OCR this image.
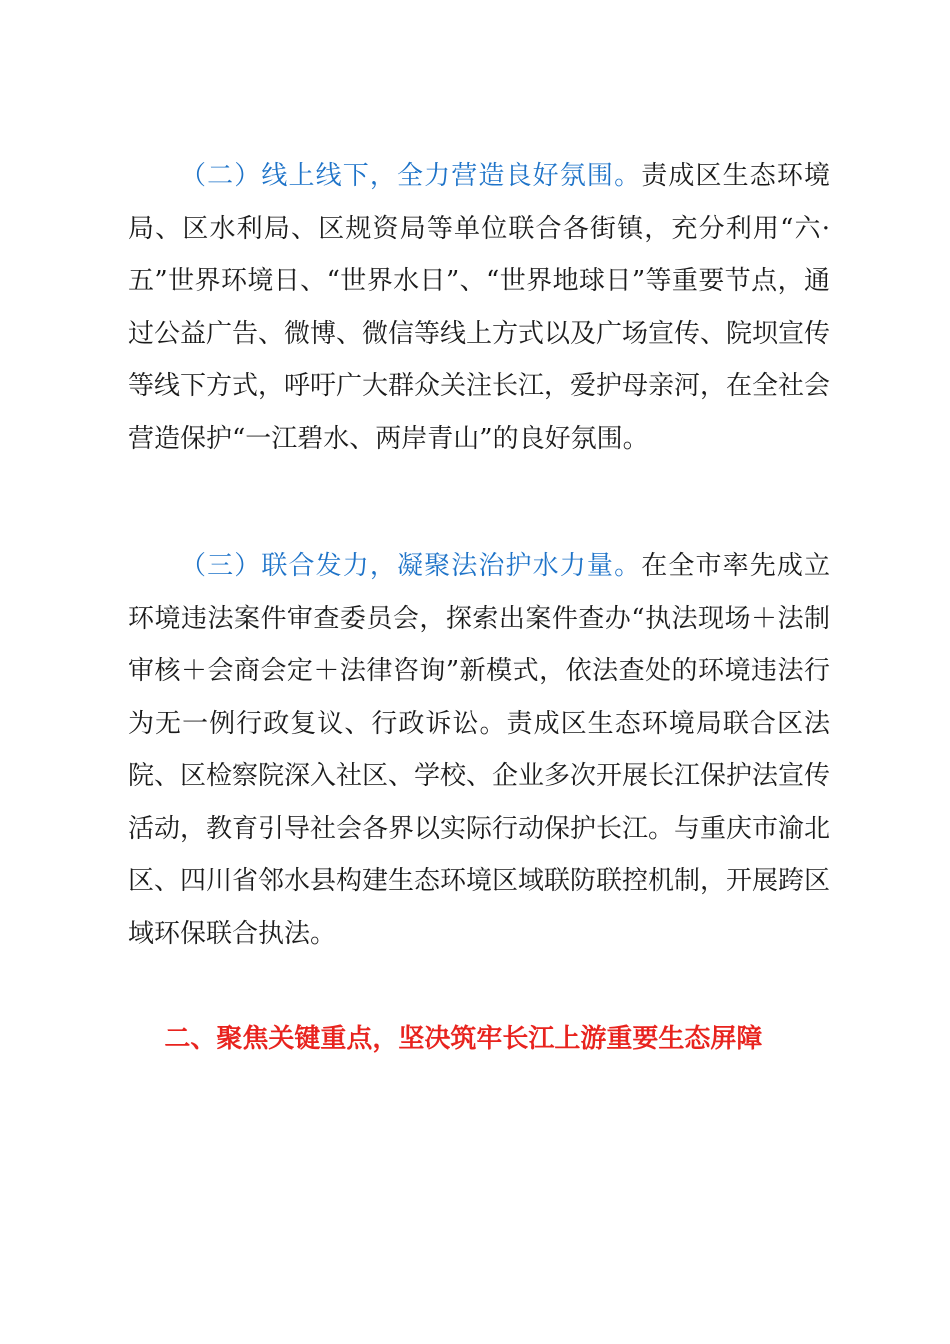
（二）线上线下，全力营造良好氛围。责成区生态环境局、区水利局、区规资局等单位联合各街镇，充分利用“六·五”世界环境日、“世界水日”、“世界地球日”等重要节点，通过公益广告、微博、微信等线上方式以及广场宣传、院坝宣传等线下方式，呼吁广大群众关注长江，爱护母亲河，在全社会营造保护“一江碧水、两岸青山”的良好氛围。

（三）联合发力，凝聚法治护水力量。在全市率先成立环境违法案件审查委员会，探索出案件查办“执法现场＋法制审核＋会商会定＋法律咨询”新模式，依法查处的环境违法行为无一例行政复议、行政诉讼。责成区生态环境局联合区法院、区检察院深入社区、学校、企业多次开展长江保护法宣传活动，教育引导社会各界以实际行动保护长江。与重庆市渝北区、四川省邻水县构建生态环境区域联防联控机制，开展跨区域环保联合执法。

二、聚焦关键重点，坚决筑牢长江上游重要生态屏障
